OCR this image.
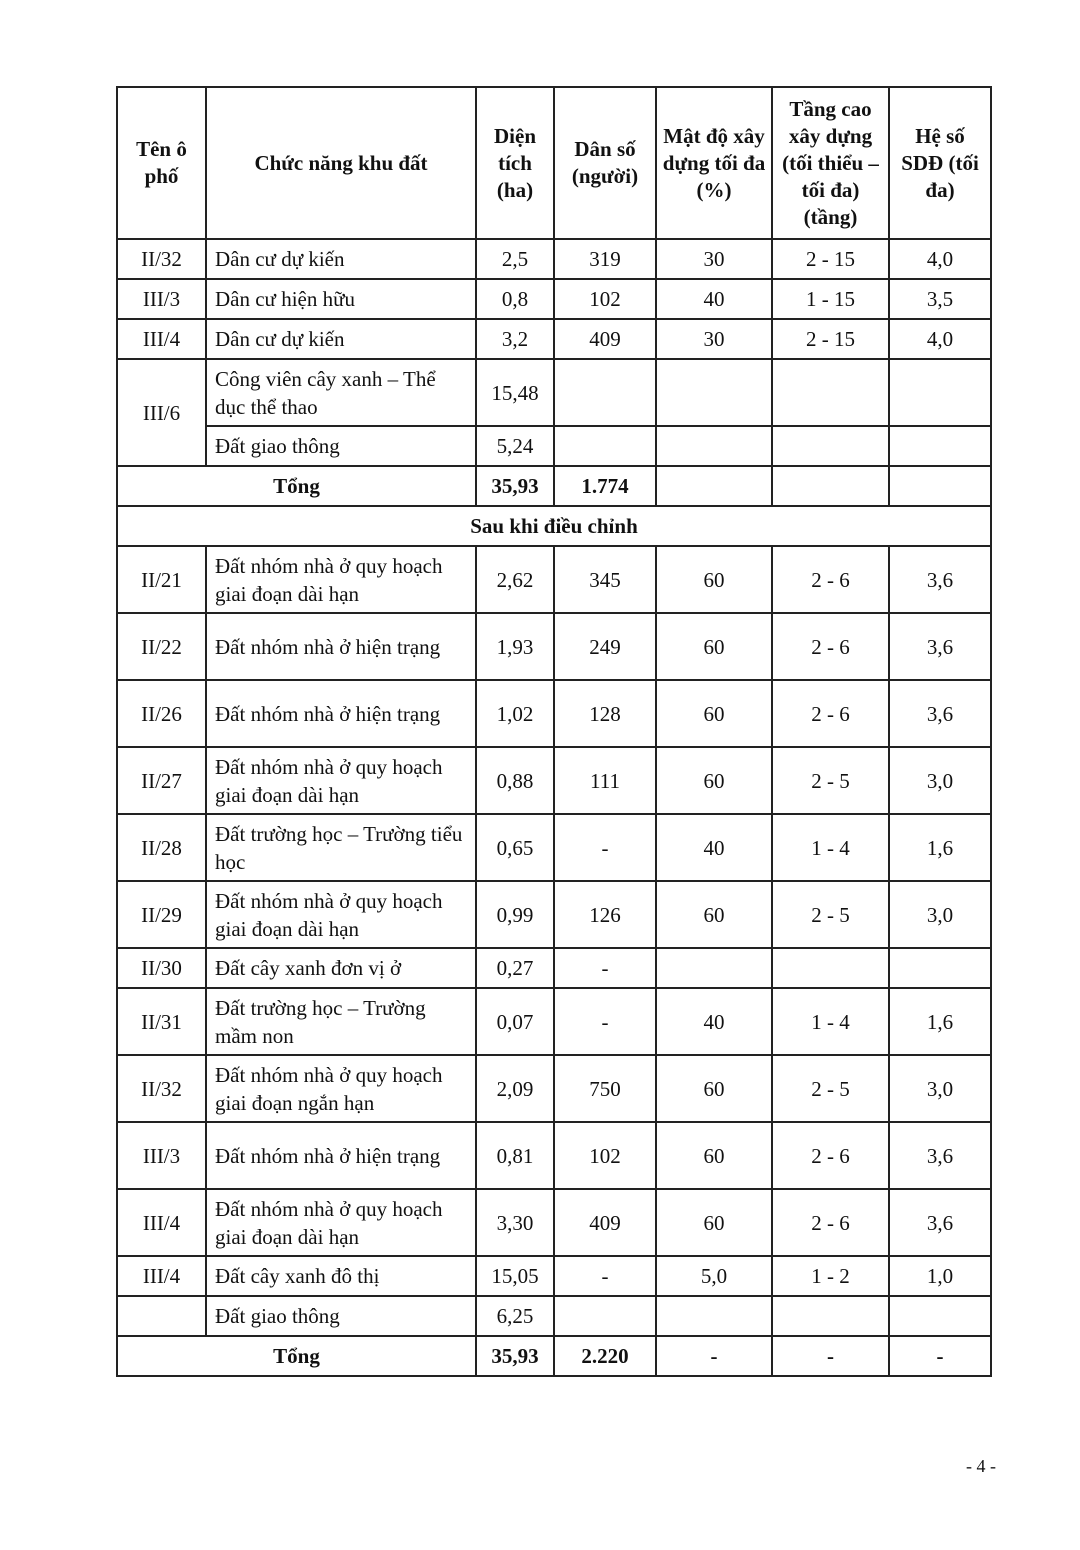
Tên ô phố	Chức năng khu đất	Diện tích (ha)	Dân số (người)	Mật độ xây dựng tối đa (%)	Tầng cao xây dựng (tối thiểu – tối đa) (tầng)	Hệ số SDĐ (tối đa)
II/32	Dân cư dự kiến	2,5	319	30	2 - 15	4,0
III/3	Dân cư hiện hữu	0,8	102	40	1 - 15	3,5
III/4	Dân cư dự kiến	3,2	409	30	2 - 15	4,0
III/6	Công viên cây xanh – Thể dục thể thao	15,48				
	Đất giao thông	5,24				
Tổng		35,93	1.774			
Sau khi điều chỉnh						
II/21	Đất nhóm nhà ở quy hoạch giai đoạn dài hạn	2,62	345	60	2 - 6	3,6
II/22	Đất nhóm nhà ở hiện trạng	1,93	249	60	2 - 6	3,6
II/26	Đất nhóm nhà ở hiện trạng	1,02	128	60	2 - 6	3,6
II/27	Đất nhóm nhà ở quy hoạch giai đoạn dài hạn	0,88	111	60	2 - 5	3,0
II/28	Đất trường học – Trường tiểu học	0,65	-	40	1 - 4	1,6
II/29	Đất nhóm nhà ở quy hoạch giai đoạn dài hạn	0,99	126	60	2 - 5	3,0
II/30	Đất cây xanh đơn vị ở	0,27	-			
II/31	Đất trường học – Trường mầm non	0,07	-	40	1 - 4	1,6
II/32	Đất nhóm nhà ở quy hoạch giai đoạn ngắn hạn	2,09	750	60	2 - 5	3,0
III/3	Đất nhóm nhà ở hiện trạng	0,81	102	60	2 - 6	3,6
III/4	Đất nhóm nhà ở quy hoạch giai đoạn dài hạn	3,30	409	60	2 - 6	3,6
III/4	Đất cây xanh đô thị	15,05	-	5,0	1 - 2	1,0
	Đất giao thông	6,25				
Tổng		35,93	2.220	-	-	-
- 4 -
